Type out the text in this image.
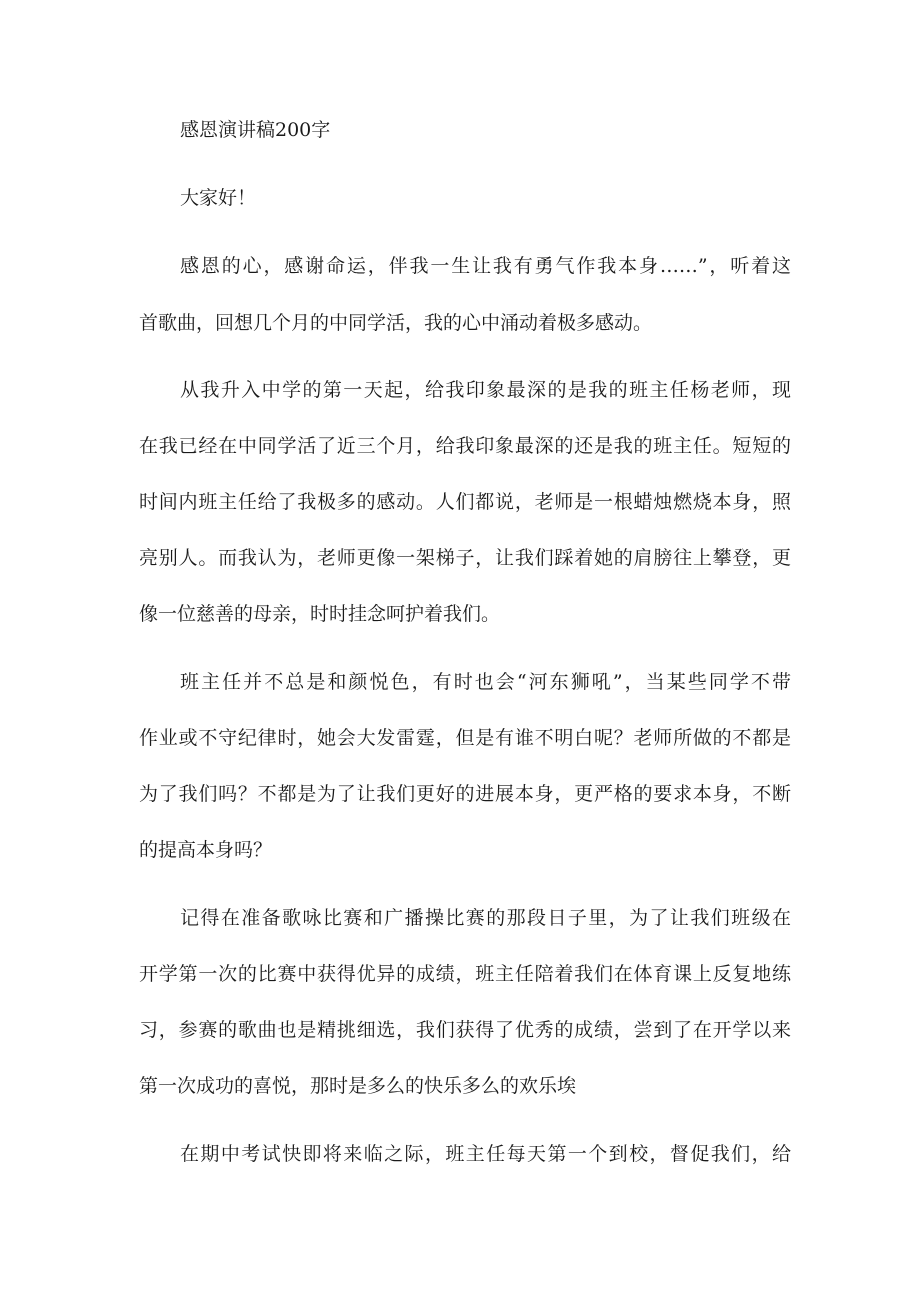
感恩演讲稿200字
大家好！
感恩的心，感谢命运，伴我一生让我有勇气作我本身……”，听着这
首歌曲，回想几个月的中同学活，我的心中涌动着极多感动。
从我升入中学的第一天起，给我印象最深的是我的班主任杨老师，现
在我已经在中同学活了近三个月，给我印象最深的还是我的班主任。短短的
时间内班主任给了我极多的感动。人们都说，老师是一根蜡烛燃烧本身，照
亮别人。而我认为，老师更像一架梯子，让我们踩着她的肩膀往上攀登，更
像一位慈善的母亲，时时挂念呵护着我们。
班主任并不总是和颜悦色，有时也会“河东狮吼”，当某些同学不带
作业或不守纪律时，她会大发雷霆，但是有谁不明白呢？老师所做的不都是
为了我们吗？不都是为了让我们更好的进展本身，更严格的要求本身，不断
的提高本身吗？
记得在准备歌咏比赛和广播操比赛的那段日子里，为了让我们班级在
开学第一次的比赛中获得优异的成绩，班主任陪着我们在体育课上反复地练
习，参赛的歌曲也是精挑细选，我们获得了优秀的成绩，尝到了在开学以来
第一次成功的喜悦，那时是多么的快乐多么的欢乐埃
在期中考试快即将来临之际，班主任每天第一个到校，督促我们，给
